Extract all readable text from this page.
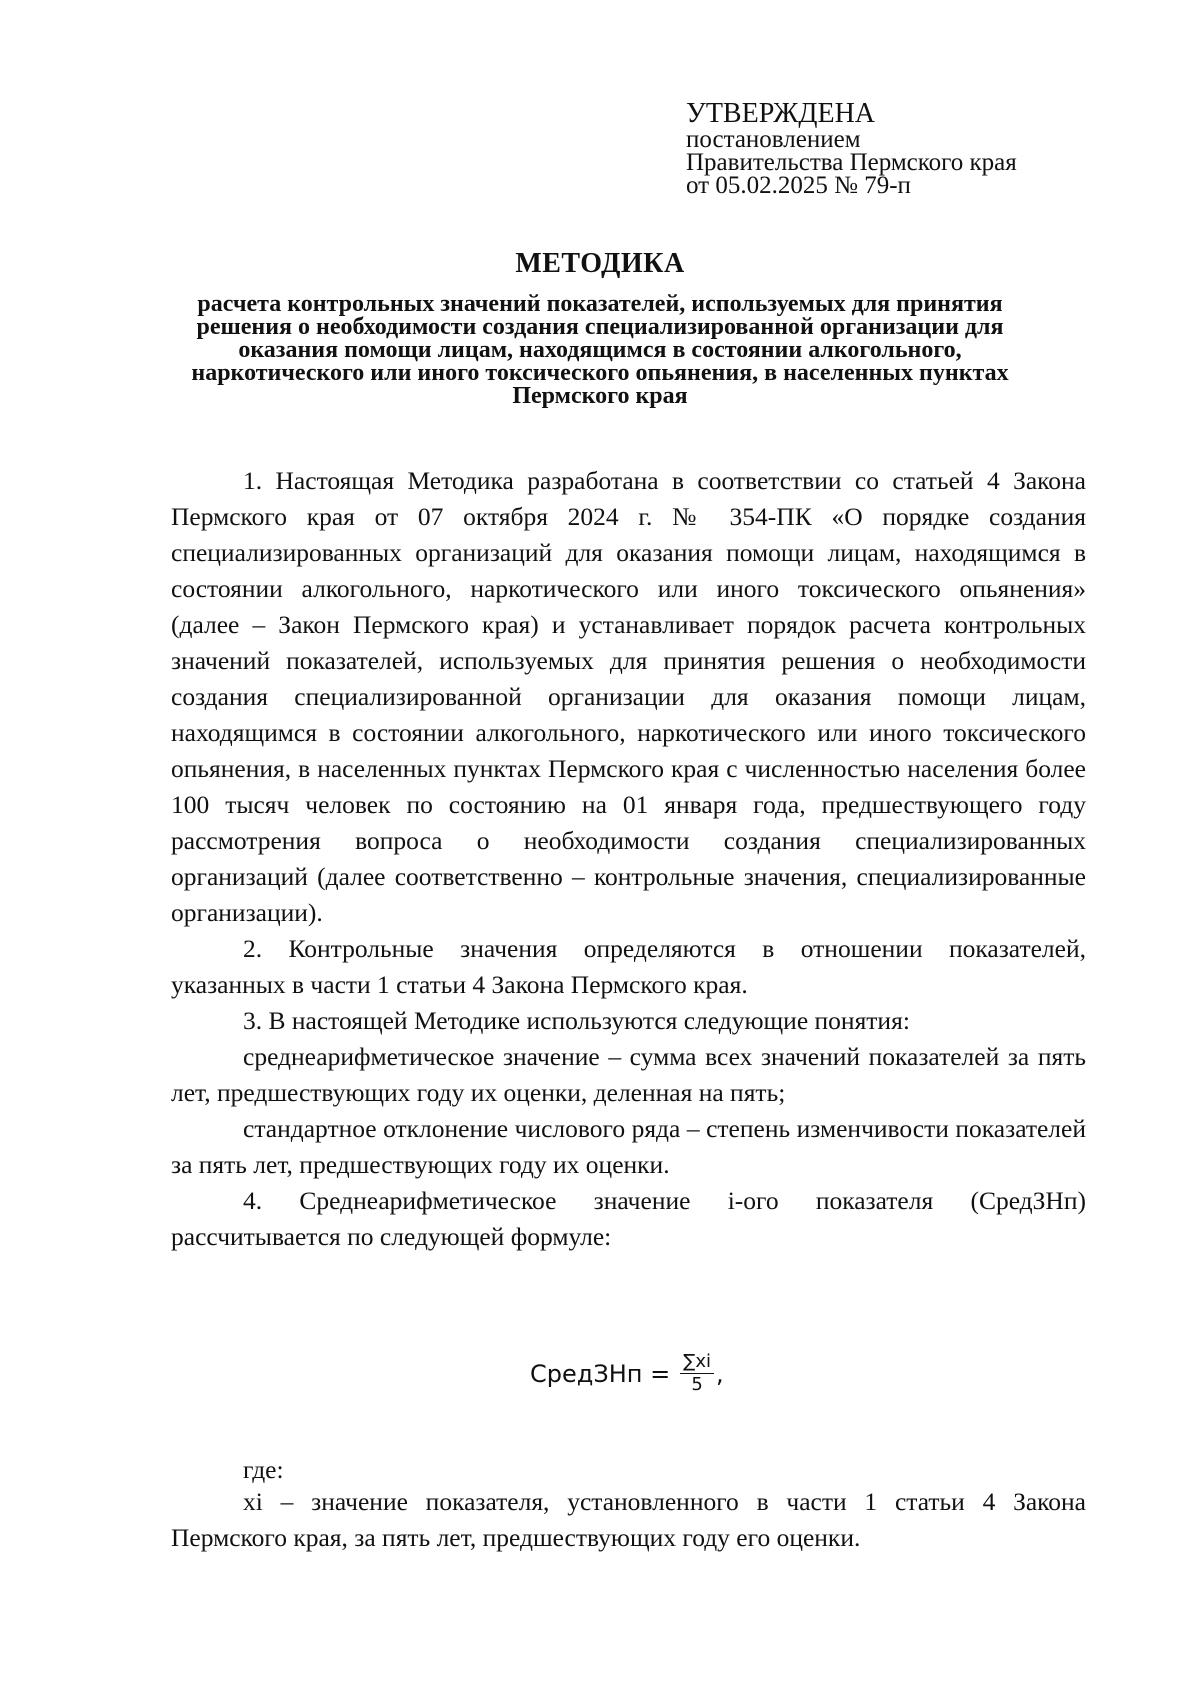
УТВЕРЖДЕНА
постановлением
Правительства Пермского края
от 05.02.2025 № 79-п
МЕТОДИКА
расчета контрольных значений показателей, используемых для принятия решения о необходимости создания специализированной организации для оказания помощи лицам, находящимся в состоянии алкогольного, наркотического или иного токсического опьянения, в населенных пунктах Пермского края

1. Настоящая Методика разработана в соответствии со статьей 4 Закона Пермского края от 07 октября 2024 г. № 354-ПК «О порядке создания специализированных организаций для оказания помощи лицам, находящимся в состоянии алкогольного, наркотического или иного токсического опьянения» (далее – Закон Пермского края) и устанавливает порядок расчета контрольных значений показателей, используемых для принятия решения о необходимости создания специализированной организации для оказания помощи лицам, находящимся в состоянии алкогольного, наркотического или иного токсического опьянения, в населенных пунктах Пермского края с численностью населения более 100 тысяч человек по состоянию на 01 января года, предшествующего году рассмотрения вопроса о необходимости создания специализированных организаций (далее соответственно – контрольные значения, специализированные организации).

2. Контрольные значения определяются в отношении показателей, указанных в части 1 статьи 4 Закона Пермского края.

3. В настоящей Методике используются следующие понятия:

среднеарифметическое значение – сумма всех значений показателей за пять лет, предшествующих году их оценки, деленная на пять;

стандартное отклонение числового ряда – степень изменчивости показателей за пять лет, предшествующих году их оценки.

4. Среднеарифметическое значение i-ого показателя (СредЗНп) рассчитывается по следующей формуле:

СредЗНп = $\frac{\sum xi}{5}$ ,
где:

xi – значение показателя, установленного в части 1 статьи 4 Закона Пермского края, за пять лет, предшествующих году его оценки.
